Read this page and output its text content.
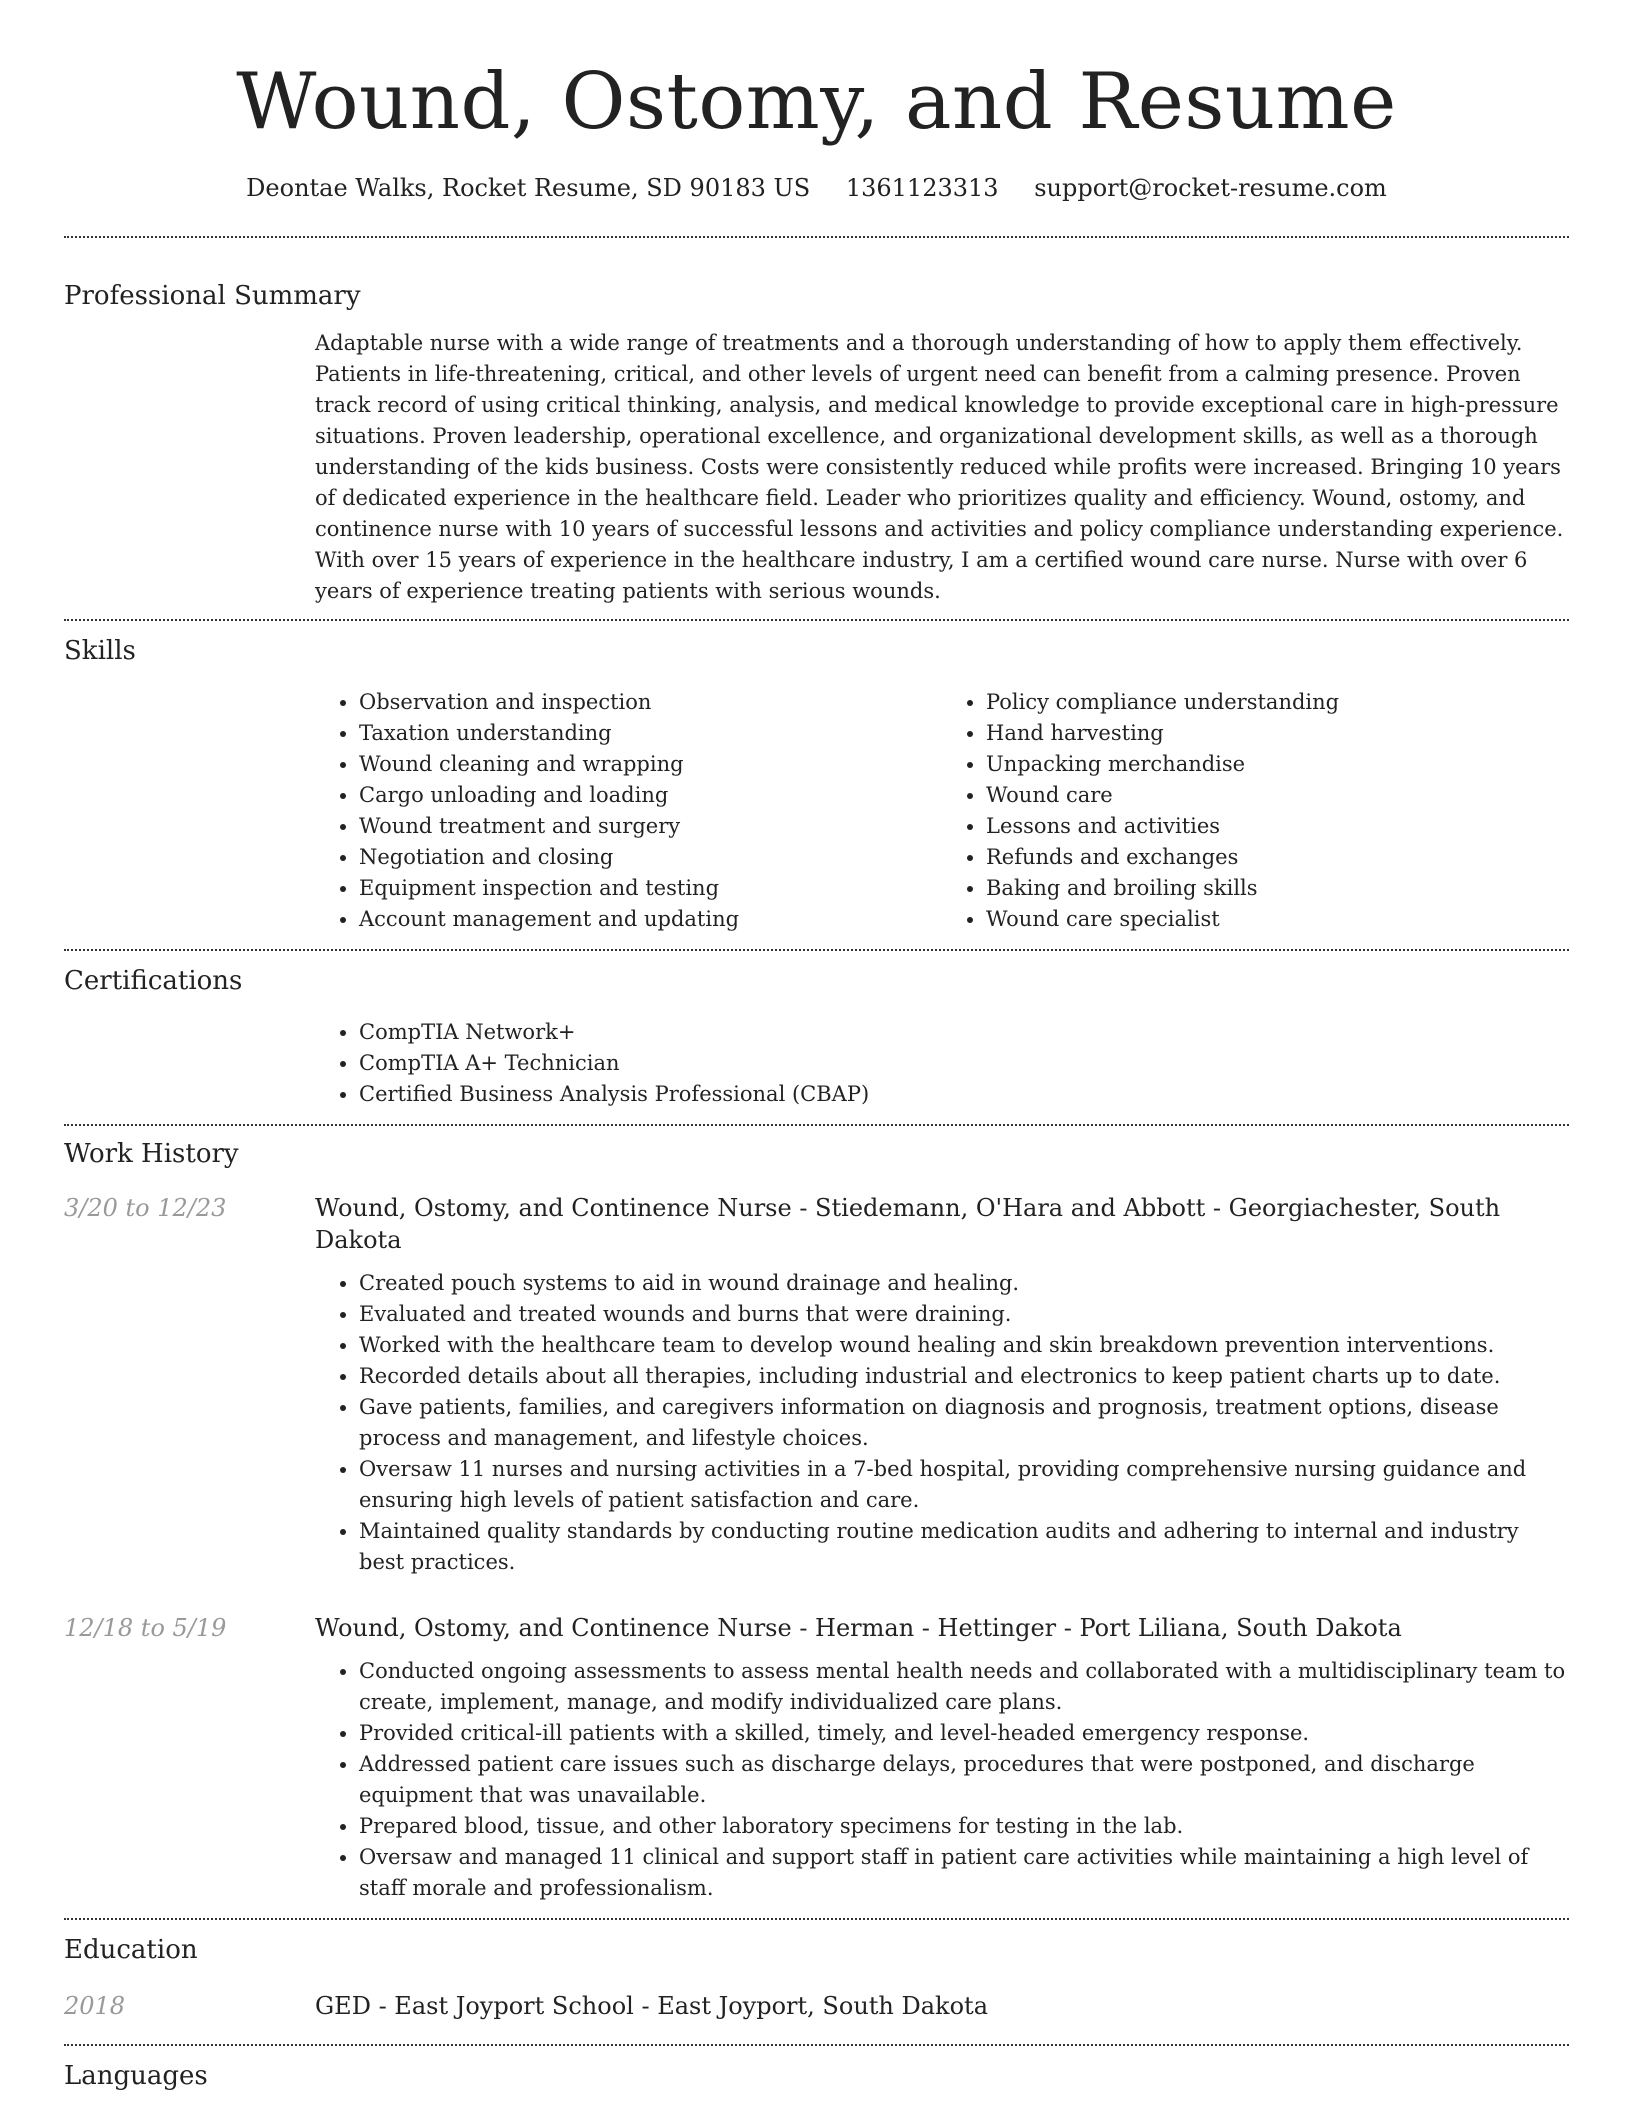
Wound, Ostomy, and Resume
Deontae Walks, Rocket Resume, SD 90183 US 1361123313 support@rocket-resume.com
Professional Summary
Adaptable nurse with a wide range of treatments and a thorough understanding of how to apply them effectively. Patients in life-threatening, critical, and other levels of urgent need can benefit from a calming presence. Proven track record of using critical thinking, analysis, and medical knowledge to provide exceptional care in high-pressure situations. Proven leadership, operational excellence, and organizational development skills, as well as a thorough understanding of the kids business. Costs were consistently reduced while profits were increased. Bringing 10 years of dedicated experience in the healthcare field. Leader who prioritizes quality and efficiency. Wound, ostomy, and continence nurse with 10 years of successful lessons and activities and policy compliance understanding experience. With over 15 years of experience in the healthcare industry, I am a certified wound care nurse. Nurse with over 6 years of experience treating patients with serious wounds.
Skills
• Observation and inspection
• Taxation understanding
• Wound cleaning and wrapping
• Cargo unloading and loading
• Wound treatment and surgery
• Negotiation and closing
• Equipment inspection and testing
• Account management and updating
• Policy compliance understanding
• Hand harvesting
• Unpacking merchandise
• Wound care
• Lessons and activities
• Refunds and exchanges
• Baking and broiling skills
• Wound care specialist
Certifications
• CompTIA Network+
• CompTIA A+ Technician
• Certified Business Analysis Professional (CBAP)
Work History
3/20 to 12/23	Wound, Ostomy, and Continence Nurse - Stiedemann, O'Hara and Abbott - Georgiachester, South Dakota
• Created pouch systems to aid in wound drainage and healing.
• Evaluated and treated wounds and burns that were draining.
• Worked with the healthcare team to develop wound healing and skin breakdown prevention interventions.
• Recorded details about all therapies, including industrial and electronics to keep patient charts up to date.
• Gave patients, families, and caregivers information on diagnosis and prognosis, treatment options, disease process and management, and lifestyle choices.
• Oversaw 11 nurses and nursing activities in a 7-bed hospital, providing comprehensive nursing guidance and ensuring high levels of patient satisfaction and care.
• Maintained quality standards by conducting routine medication audits and adhering to internal and industry best practices.
12/18 to 5/19	Wound, Ostomy, and Continence Nurse - Herman - Hettinger - Port Liliana, South Dakota
• Conducted ongoing assessments to assess mental health needs and collaborated with a multidisciplinary team to create, implement, manage, and modify individualized care plans.
• Provided critical-ill patients with a skilled, timely, and level-headed emergency response.
• Addressed patient care issues such as discharge delays, procedures that were postponed, and discharge equipment that was unavailable.
• Prepared blood, tissue, and other laboratory specimens for testing in the lab.
• Oversaw and managed 11 clinical and support staff in patient care activities while maintaining a high level of staff morale and professionalism.
Education
2018	GED - East Joyport School - East Joyport, South Dakota
Languages
